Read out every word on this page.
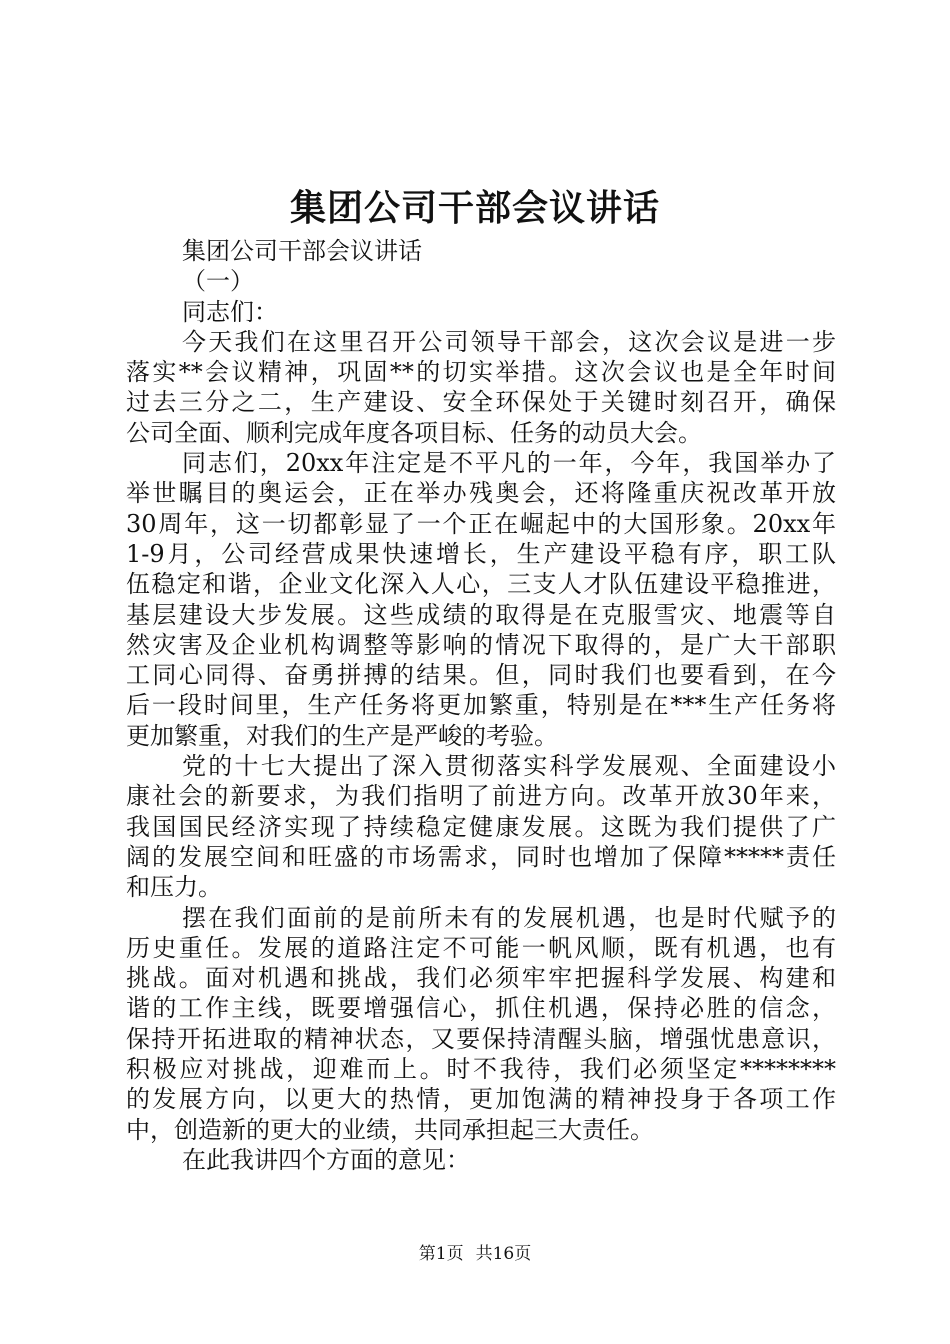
集团公司干部会议讲话
集团公司干部会议讲话
（一）
同志们：
今天我们在这里召开公司领导干部会，这次会议是进一步
落实**会议精神，巩固**的切实举措。这次会议也是全年时间
过去三分之二，生产建设、安全环保处于关键时刻召开，确保
公司全面、顺利完成年度各项目标、任务的动员大会。
同志们，20xx年注定是不平凡的一年，今年，我国举办了
举世瞩目的奥运会，正在举办残奥会，还将隆重庆祝改革开放
30周年，这一切都彰显了一个正在崛起中的大国形象。20xx年
1-9月，公司经营成果快速增长，生产建设平稳有序，职工队
伍稳定和谐，企业文化深入人心，三支人才队伍建设平稳推进，
基层建设大步发展。这些成绩的取得是在克服雪灾、地震等自
然灾害及企业机构调整等影响的情况下取得的，是广大干部职
工同心同得、奋勇拼搏的结果。但，同时我们也要看到，在今
后一段时间里，生产任务将更加繁重，特别是在***生产任务将
更加繁重，对我们的生产是严峻的考验。
党的十七大提出了深入贯彻落实科学发展观、全面建设小
康社会的新要求，为我们指明了前进方向。改革开放30年来，
我国国民经济实现了持续稳定健康发展。这既为我们提供了广
阔的发展空间和旺盛的市场需求，同时也增加了保障*****责任
和压力。
摆在我们面前的是前所未有的发展机遇，也是时代赋予的
历史重任。发展的道路注定不可能一帆风顺，既有机遇，也有
挑战。面对机遇和挑战，我们必须牢牢把握科学发展、构建和
谐的工作主线，既要增强信心，抓住机遇，保持必胜的信念，
保持开拓进取的精神状态，又要保持清醒头脑，增强忧患意识，
积极应对挑战，迎难而上。时不我待，我们必须坚定********
的发展方向，以更大的热情，更加饱满的精神投身于各项工作
中，创造新的更大的业绩，共同承担起三大责任。
在此我讲四个方面的意见：
第1页 共16页
